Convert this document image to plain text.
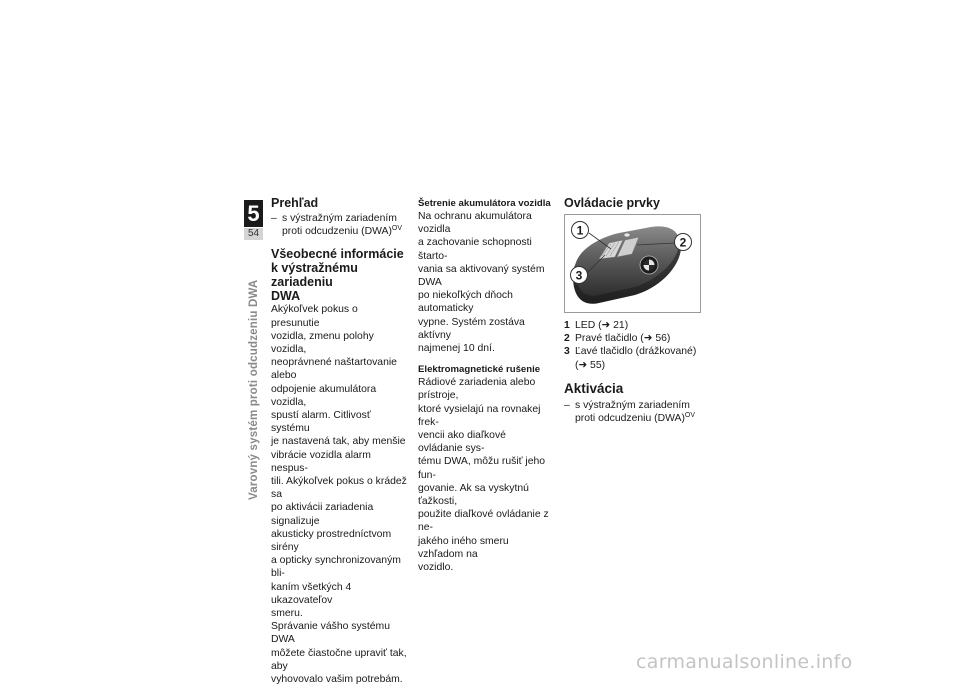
5
54
Varovný systém proti odcudzeniu DWA
Prehľad
– s výstražným zariadením proti odcudzeniu (DWA)$^{OV}$
Všeobecné informácie
k výstražnému zariadeniu
DWA

Akýkoľvek pokus o presunutie
vozidla, zmenu polohy vozidla,
neoprávnené naštartovanie alebo
odpojenie akumulátora vozidla,
spustí alarm. Citlivosť systému
je nastavená tak, aby menšie
vibrácie vozidla alarm nespus-
tili. Akýkoľvek pokus o krádež sa
po aktivácii zariadenia signalizuje
akusticky prostredníctvom sirény
a opticky synchronizovaným bli-
kaním všetkých 4 ukazovateľov
smeru.
Správanie vášho systému DWA
môžete čiastočne upraviť tak, aby
vyhovovalo vašim potrebám.

Šetrenie akumulátora vozidla

Na ochranu akumulátora vozidla
a zachovanie schopnosti štarto-
vania sa aktivovaný systém DWA
po niekoľkých dňoch automaticky
vypne. Systém zostáva aktívny
najmenej 10 dní.

Elektromagnetické rušenie

Rádiové zariadenia alebo prístroje,
ktoré vysielajú na rovnakej frek-
vencii ako diaľkové ovládanie sys-
tému DWA, môžu rušiť jeho fun-
govanie. Ak sa vyskytnú ťažkosti,
použite diaľkové ovládanie z ne-
jakého iného smeru vzhľadom na
vozidlo.

Ovládacie prvky
1
2
3
1 LED (➜ 21)
2 Pravé tlačidlo (➜ 56)
3 Ľavé tlačidlo (drážkované)
(➜ 55)
Aktivácia
– s výstražným zariadením proti odcudzeniu (DWA)$^{OV}$
carmanualsonline.info
